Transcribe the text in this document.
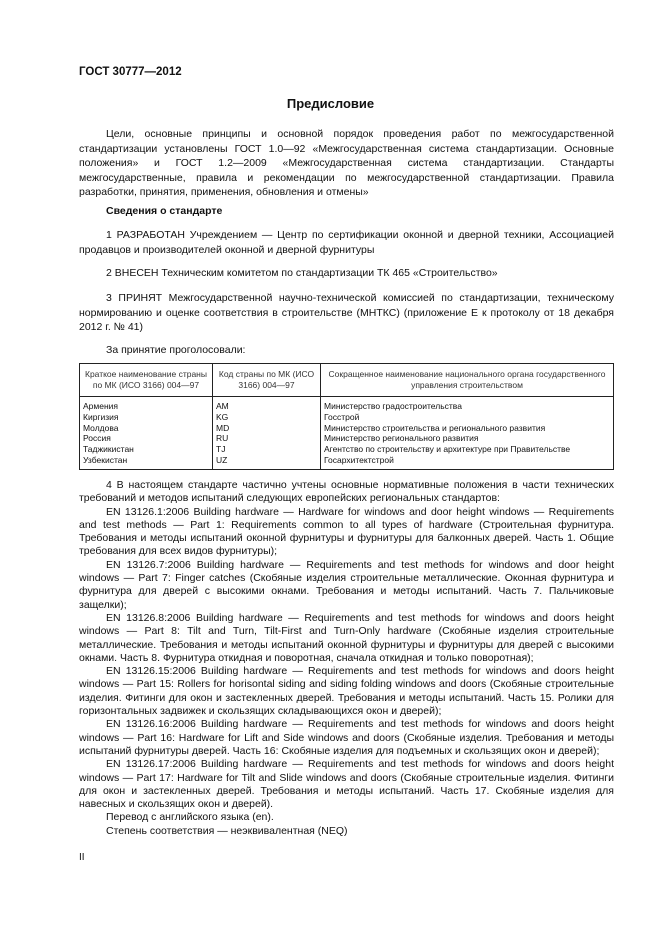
ГОСТ 30777—2012
Предисловие
Цели, основные принципы и основной порядок проведения работ по межгосударственной стандартизации установлены ГОСТ 1.0—92 «Межгосударственная система стандартизации. Основные положения» и ГОСТ 1.2—2009 «Межгосударственная система стандартизации. Стандарты межгосударственные, правила и рекомендации по межгосударственной стандартизации. Правила разработки, принятия, применения, обновления и отмены»
Сведения о стандарте
1 РАЗРАБОТАН Учреждением — Центр по сертификации оконной и дверной техники, Ассоциацией продавцов и производителей оконной и дверной фурнитуры
2 ВНЕСЕН Техническим комитетом по стандартизации ТК 465 «Строительство»
3 ПРИНЯТ Межгосударственной научно-технической комиссией по стандартизации, техническому нормированию и оценке соответствия в строительстве (МНТКС) (приложение Е к протоколу от 18 декабря 2012 г. № 41)
За принятие проголосовали:
Краткое наименование страны по МК (ИСО 3166) 004—97	Код страны по МК (ИСО 3166) 004—97	Сокращенное наименование национального органа государственного управления строительством
Армения	AM	Министерство градостроительства
Киргизия	KG	Госстрой
Молдова	MD	Министерство строительства и регионального развития
Россия	RU	Министерство регионального развития
Таджикистан	TJ	Агентство по строительству и архитектуре при Правительстве
Узбекистан	UZ	Госархитектстрой
4 В настоящем стандарте частично учтены основные нормативные положения в части технических требований и методов испытаний следующих европейских региональных стандартов:
EN 13126.1:2006 Building hardware — Hardware for windows and door height windows — Requirements and test methods — Part 1: Requirements common to all types of hardware (Строительная фурнитура. Требования и методы испытаний оконной фурнитуры и фурнитуры для балконных дверей. Часть 1. Общие требования для всех видов фурнитуры);
EN 13126.7:2006 Building hardware — Requirements and test methods for windows and door height windows — Part 7: Finger catches (Скобяные изделия строительные металлические. Оконная фурнитура и фурнитура для дверей с высокими окнами. Требования и методы испытаний. Часть 7. Пальчиковые защелки);
EN 13126.8:2006 Building hardware — Requirements and test methods for windows and doors height windows — Part 8: Tilt and Turn, Tilt-First and Turn-Only hardware (Скобяные изделия строительные металлические. Требования и методы испытаний оконной фурнитуры и фурнитуры для дверей с высокими окнами. Часть 8. Фурнитура откидная и поворотная, сначала откидная и только поворотная);
EN 13126.15:2006 Building hardware — Requirements and test methods for windows and doors height windows — Part 15: Rollers for horisontal siding and siding folding windows and doors (Скобяные строительные изделия. Фитинги для окон и застекленных дверей. Требования и методы испытаний. Часть 15. Ролики для горизонтальных задвижек и скользящих складывающихся окон и дверей);
EN 13126.16:2006 Building hardware — Requirements and test methods for windows and doors height windows — Part 16: Hardware for Lift and Side windows and doors (Скобяные изделия. Требования и методы испытаний фурнитуры дверей. Часть 16: Скобяные изделия для подъемных и скользящих окон и дверей);
EN 13126.17:2006 Building hardware — Requirements and test methods for windows and doors height windows — Part 17: Hardware for Tilt and Slide windows and doors (Скобяные строительные изделия. Фитинги для окон и застекленных дверей. Требования и методы испытаний. Часть 17. Скобяные изделия для навесных и скользящих окон и дверей).
Перевод с английского языка (en).
Степень соответствия — неэквивалентная (NEQ)
II
